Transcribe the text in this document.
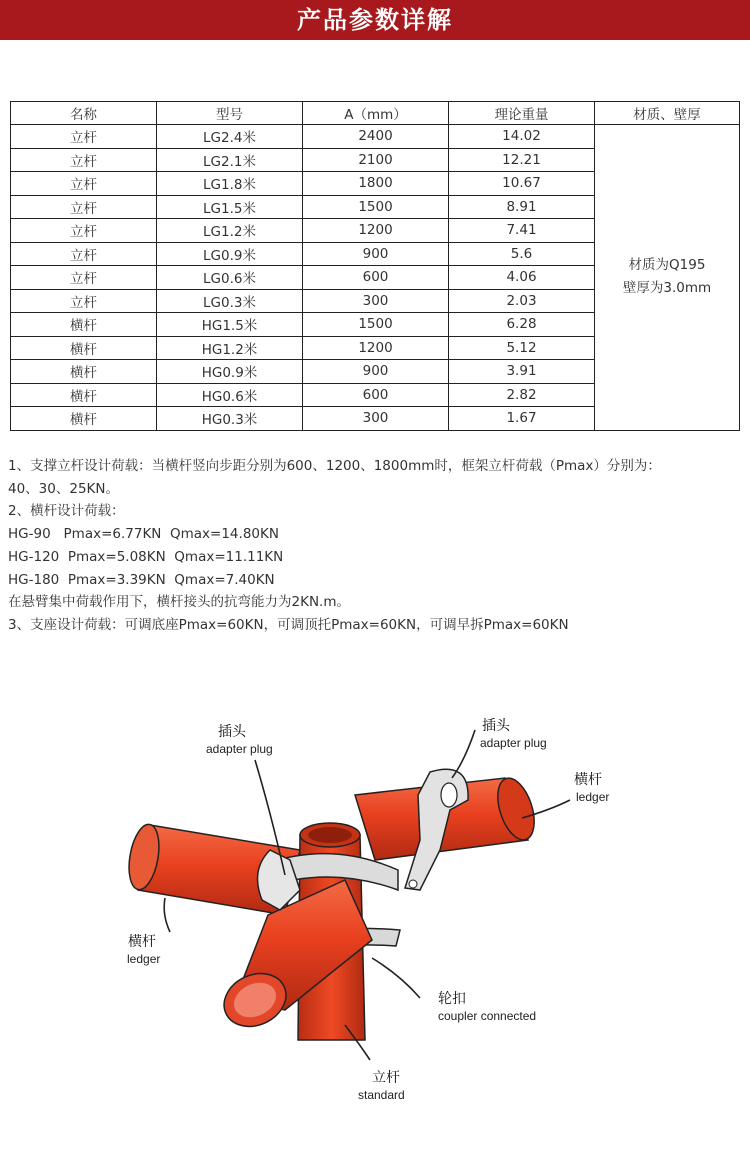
产品参数详解
名称	型号	A（mm）	理论重量	材质、壁厚
立杆	LG2.4米	2400	14.02	材质为Q195
壁厚为3.0mm

立杆	LG2.1米	2100	12.21	
立杆	LG1.8米	1800	10.67	
立杆	LG1.5米	1500	8.91	
立杆	LG1.2米	1200	7.41	
立杆	LG0.9米	900	5.6	
立杆	LG0.6米	600	4.06	
立杆	LG0.3米	300	2.03	
横杆	HG1.5米	1500	6.28	
横杆	HG1.2米	1200	5.12	
横杆	HG0.9米	900	3.91	
横杆	HG0.6米	600	2.82	
横杆	HG0.3米	300	1.67	

1、支撑立杆设计荷载：当横杆竖向步距分别为600、1200、1800mm时，框架立杆荷载（Pmax）分别为：

40、30、25KN。

2、横杆设计荷载：

HG-90   Pmax=6.77KN  Qmax=14.80KN

HG-120  Pmax=5.08KN  Qmax=11.11KN

HG-180  Pmax=3.39KN  Qmax=7.40KN

在悬臂集中荷载作用下，横杆接头的抗弯能力为2KN.m。

3、支座设计荷载：可调底座Pmax=60KN，可调顶托Pmax=60KN，可调早拆Pmax=60KN

插头
adapter plug
插头
adapter plug
横杆
ledger
横杆
ledger
轮扣
coupler connected
立杆
standard
